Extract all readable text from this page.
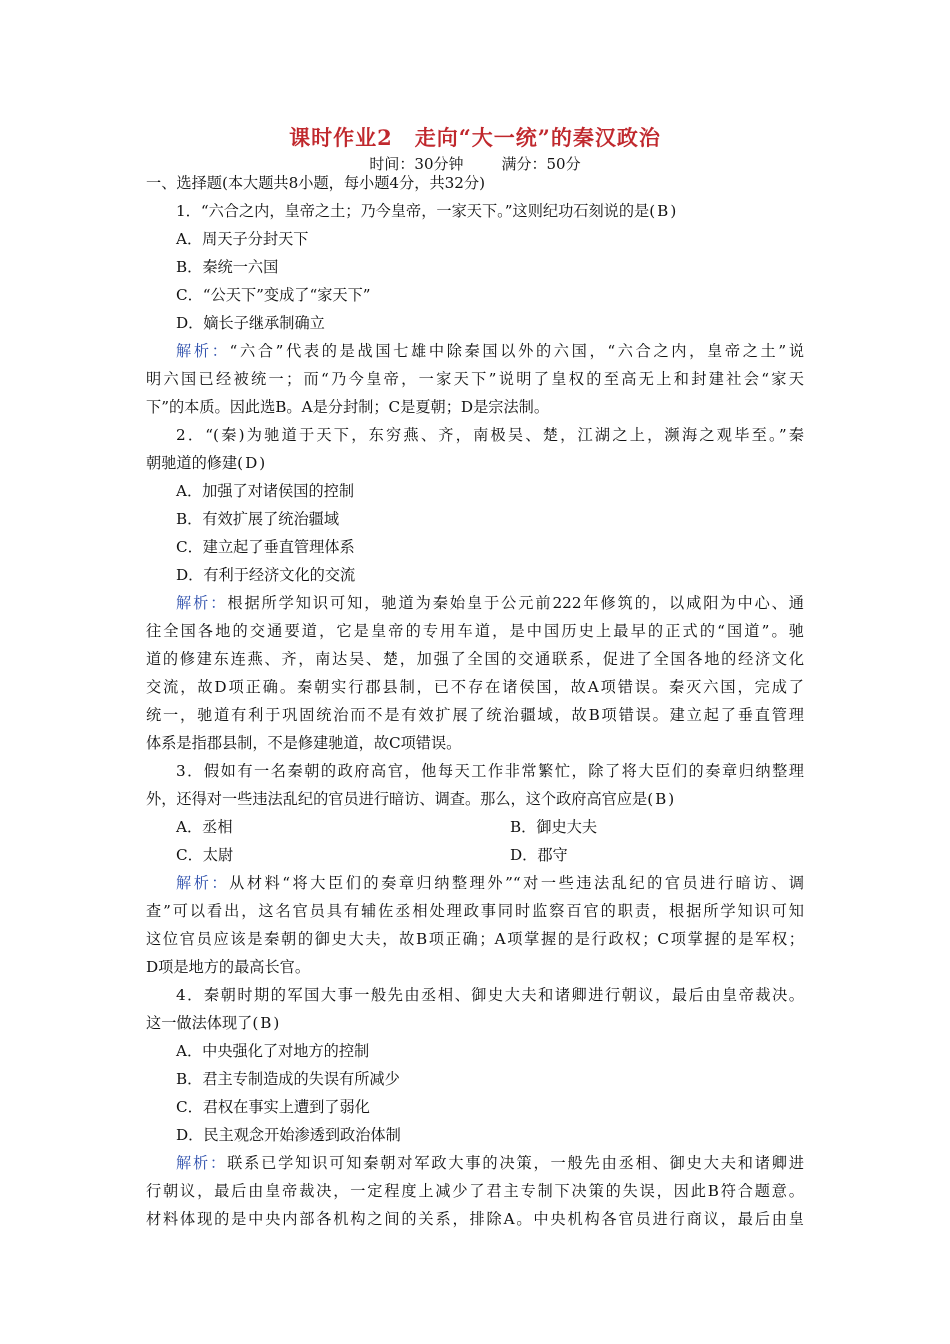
课时作业2　走向“大一统”的秦汉政治
时间：30分钟	满分：50分
一、选择题(本大题共8小题，每小题4分，共32分)
1．“六合之内，皇帝之土；乃今皇帝，一家天下。”这则纪功石刻说的是( B )
A．周天子分封天下
B．秦统一六国
C．“公天下”变成了“家天下”
D．嫡长子继承制确立
解析：“六合”代表的是战国七雄中除秦国以外的六国，“六合之内，皇帝之土”说
明六国已经被统一；而“乃今皇帝，一家天下”说明了皇权的至高无上和封建社会“家天
下”的本质。因此选B。A是分封制；C是夏朝；D是宗法制。
2．“(秦)为驰道于天下，东穷燕、齐，南极吴、楚，江湖之上，濒海之观毕至。”秦
朝驰道的修建( D )
A．加强了对诸侯国的控制
B．有效扩展了统治疆域
C．建立起了垂直管理体系
D．有利于经济文化的交流
解析：根据所学知识可知，驰道为秦始皇于公元前222年修筑的，以咸阳为中心、通
往全国各地的交通要道，它是皇帝的专用车道，是中国历史上最早的正式的“国道”。驰
道的修建东连燕、齐，南达吴、楚，加强了全国的交通联系，促进了全国各地的经济文化
交流，故D项正确。秦朝实行郡县制，已不存在诸侯国，故A项错误。秦灭六国，完成了
统一，驰道有利于巩固统治而不是有效扩展了统治疆域，故B项错误。建立起了垂直管理
体系是指郡县制，不是修建驰道，故C项错误。
3．假如有一名秦朝的政府高官，他每天工作非常繁忙，除了将大臣们的奏章归纳整理
外，还得对一些违法乱纪的官员进行暗访、调查。那么，这个政府高官应是( B )
A．丞相	B．御史大夫
C．太尉	D．郡守
解析：从材料“将大臣们的奏章归纳整理外”“对一些违法乱纪的官员进行暗访、调
查”可以看出，这名官员具有辅佐丞相处理政事同时监察百官的职责，根据所学知识可知
这位官员应该是秦朝的御史大夫，故B项正确；A项掌握的是行政权；C项掌握的是军权；
D项是地方的最高长官。
4．秦朝时期的军国大事一般先由丞相、御史大夫和诸卿进行朝议，最后由皇帝裁决。
这一做法体现了( B )
A．中央强化了对地方的控制
B．君主专制造成的失误有所减少
C．君权在事实上遭到了弱化
D．民主观念开始渗透到政治体制
解析：联系已学知识可知秦朝对军政大事的决策，一般先由丞相、御史大夫和诸卿进
行朝议，最后由皇帝裁决，一定程度上减少了君主专制下决策的失误，因此B符合题意。
材料体现的是中央内部各机构之间的关系，排除A。中央机构各官员进行商议，最后由皇
